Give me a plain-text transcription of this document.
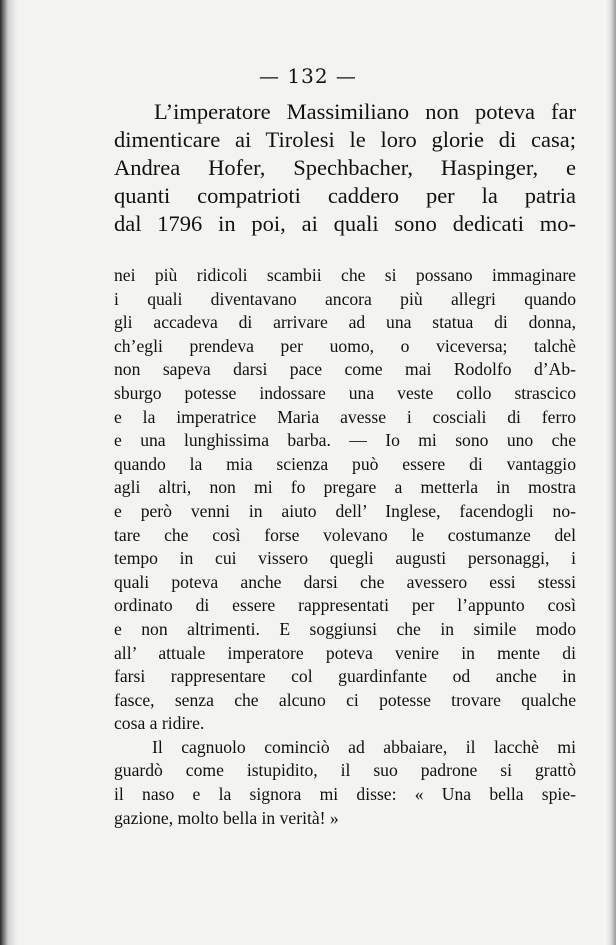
— 132 —
L’imperatore Massimiliano non poteva far
dimenticare ai Tirolesi le loro glorie di casa;
Andrea Hofer, Spechbacher, Haspinger, e
quanti compatrioti caddero per la patria
dal 1796 in poi, ai quali sono dedicati mo-
nei più ridicoli scambii che si possano immaginare
i quali diventavano ancora più allegri quando
gli accadeva di arrivare ad una statua di donna,
ch’egli prendeva per uomo, o viceversa; talchè
non sapeva darsi pace come mai Rodolfo d’Ab-
sburgo potesse indossare una veste collo strascico
e la imperatrice Maria avesse i cosciali di ferro
e una lunghissima barba. — Io mi sono uno che
quando la mia scienza può essere di vantaggio
agli altri, non mi fo pregare a metterla in mostra
e però venni in aiuto dell’ Inglese, facendogli no-
tare che così forse volevano le costumanze del
tempo in cui vissero quegli augusti personaggi, i
quali poteva anche darsi che avessero essi stessi
ordinato di essere rappresentati per l’appunto così
e non altrimenti. E soggiunsi che in simile modo
all’ attuale imperatore poteva venire in mente di
farsi rappresentare col guardinfante od anche in
fasce, senza che alcuno ci potesse trovare qualche
cosa a ridire.
Il cagnuolo cominciò ad abbaiare, il lacchè mi
guardò come istupidito, il suo padrone si grattò
il naso e la signora mi disse: « Una bella spie-
gazione, molto bella in verità! »
